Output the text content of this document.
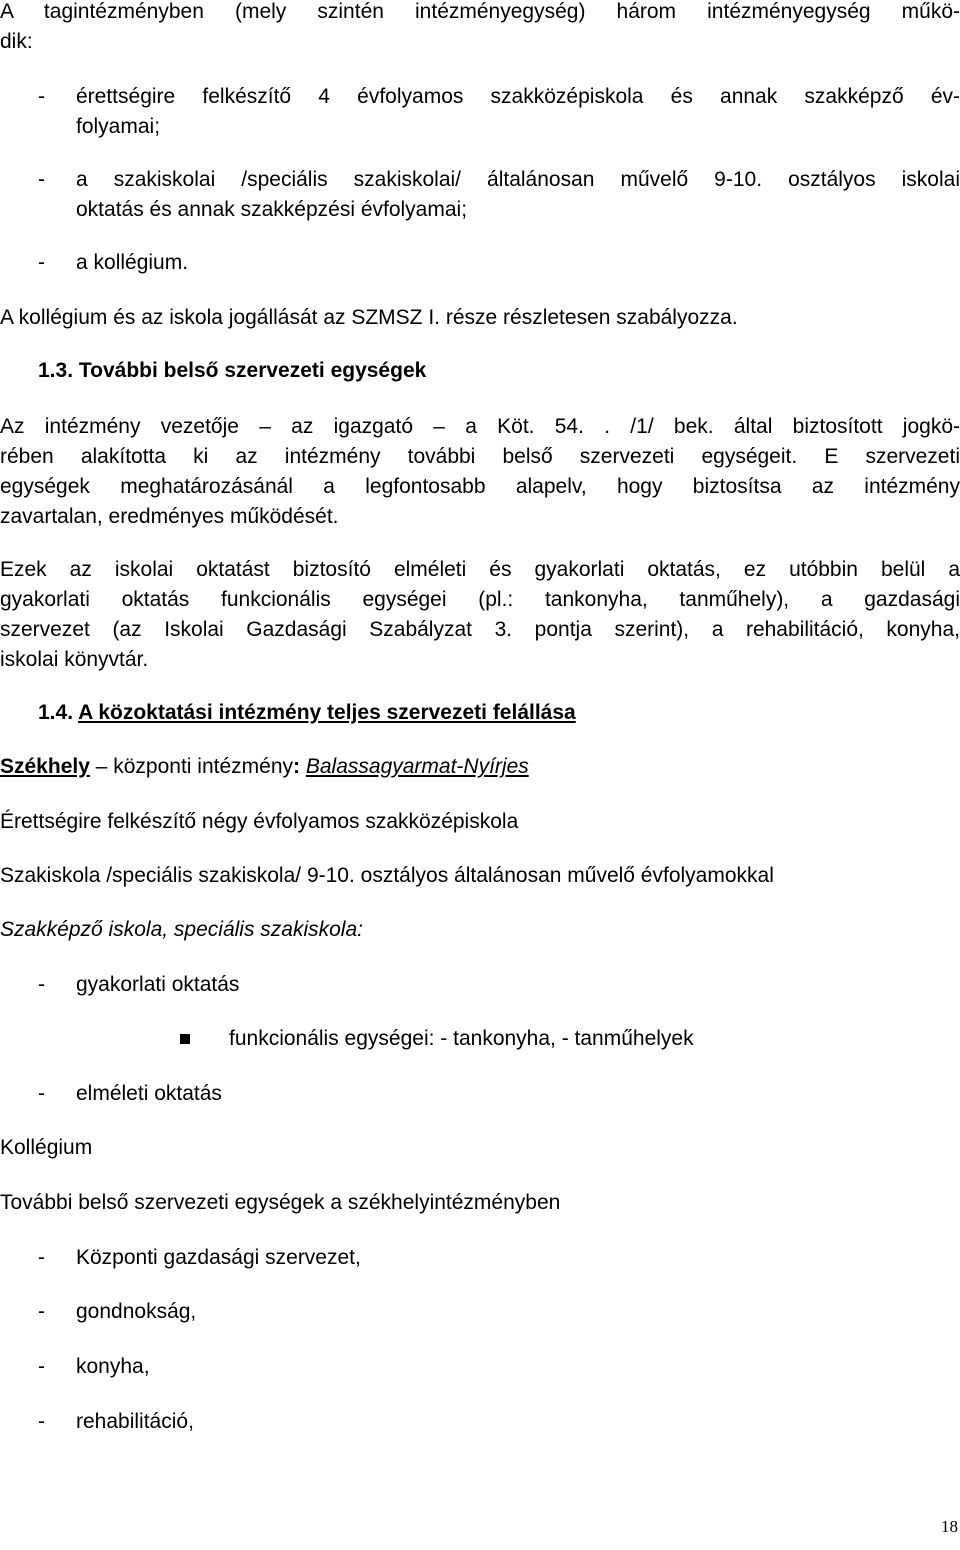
A tagintézményben (mely szintén intézményegység) három intézményegység műkö-
dik:
- érettségire felkészítő 4 évfolyamos szakközépiskola és annak szakképző év-
folyamai;
- a szakiskolai /speciális szakiskolai/ általánosan művelő 9-10. osztályos iskolai
oktatás és annak szakképzési évfolyamai;
- a kollégium.
A kollégium és az iskola jogállását az SZMSZ I. része részletesen szabályozza.
1.3. További belső szervezeti egységek
Az intézmény vezetője – az igazgató – a Köt. 54. . /1/ bek. által biztosított jogkö-
rében alakította ki az intézmény további belső szervezeti egységeit. E szervezeti
egységek meghatározásánál a legfontosabb alapelv, hogy biztosítsa az intézmény
zavartalan, eredményes működését.
Ezek az iskolai oktatást biztosító elméleti és gyakorlati oktatás, ez utóbbin belül a
gyakorlati oktatás funkcionális egységei (pl.: tankonyha, tanműhely), a gazdasági
szervezet (az Iskolai Gazdasági Szabályzat 3. pontja szerint), a rehabilitáció, konyha,
iskolai könyvtár.
1.4. A közoktatási intézmény teljes szervezeti felállása
Székhely – központi intézmény: Balassagyarmat-Nyírjes
Érettségire felkészítő négy évfolyamos szakközépiskola
Szakiskola /speciális szakiskola/ 9-10. osztályos általánosan művelő évfolyamokkal
Szakképző iskola, speciális szakiskola:
- gyakorlati oktatás
funkcionális egységei: - tankonyha, - tanműhelyek
- elméleti oktatás
Kollégium
További belső szervezeti egységek a székhelyintézményben
- Központi gazdasági szervezet,
- gondnokság,
- konyha,
- rehabilitáció,
18
